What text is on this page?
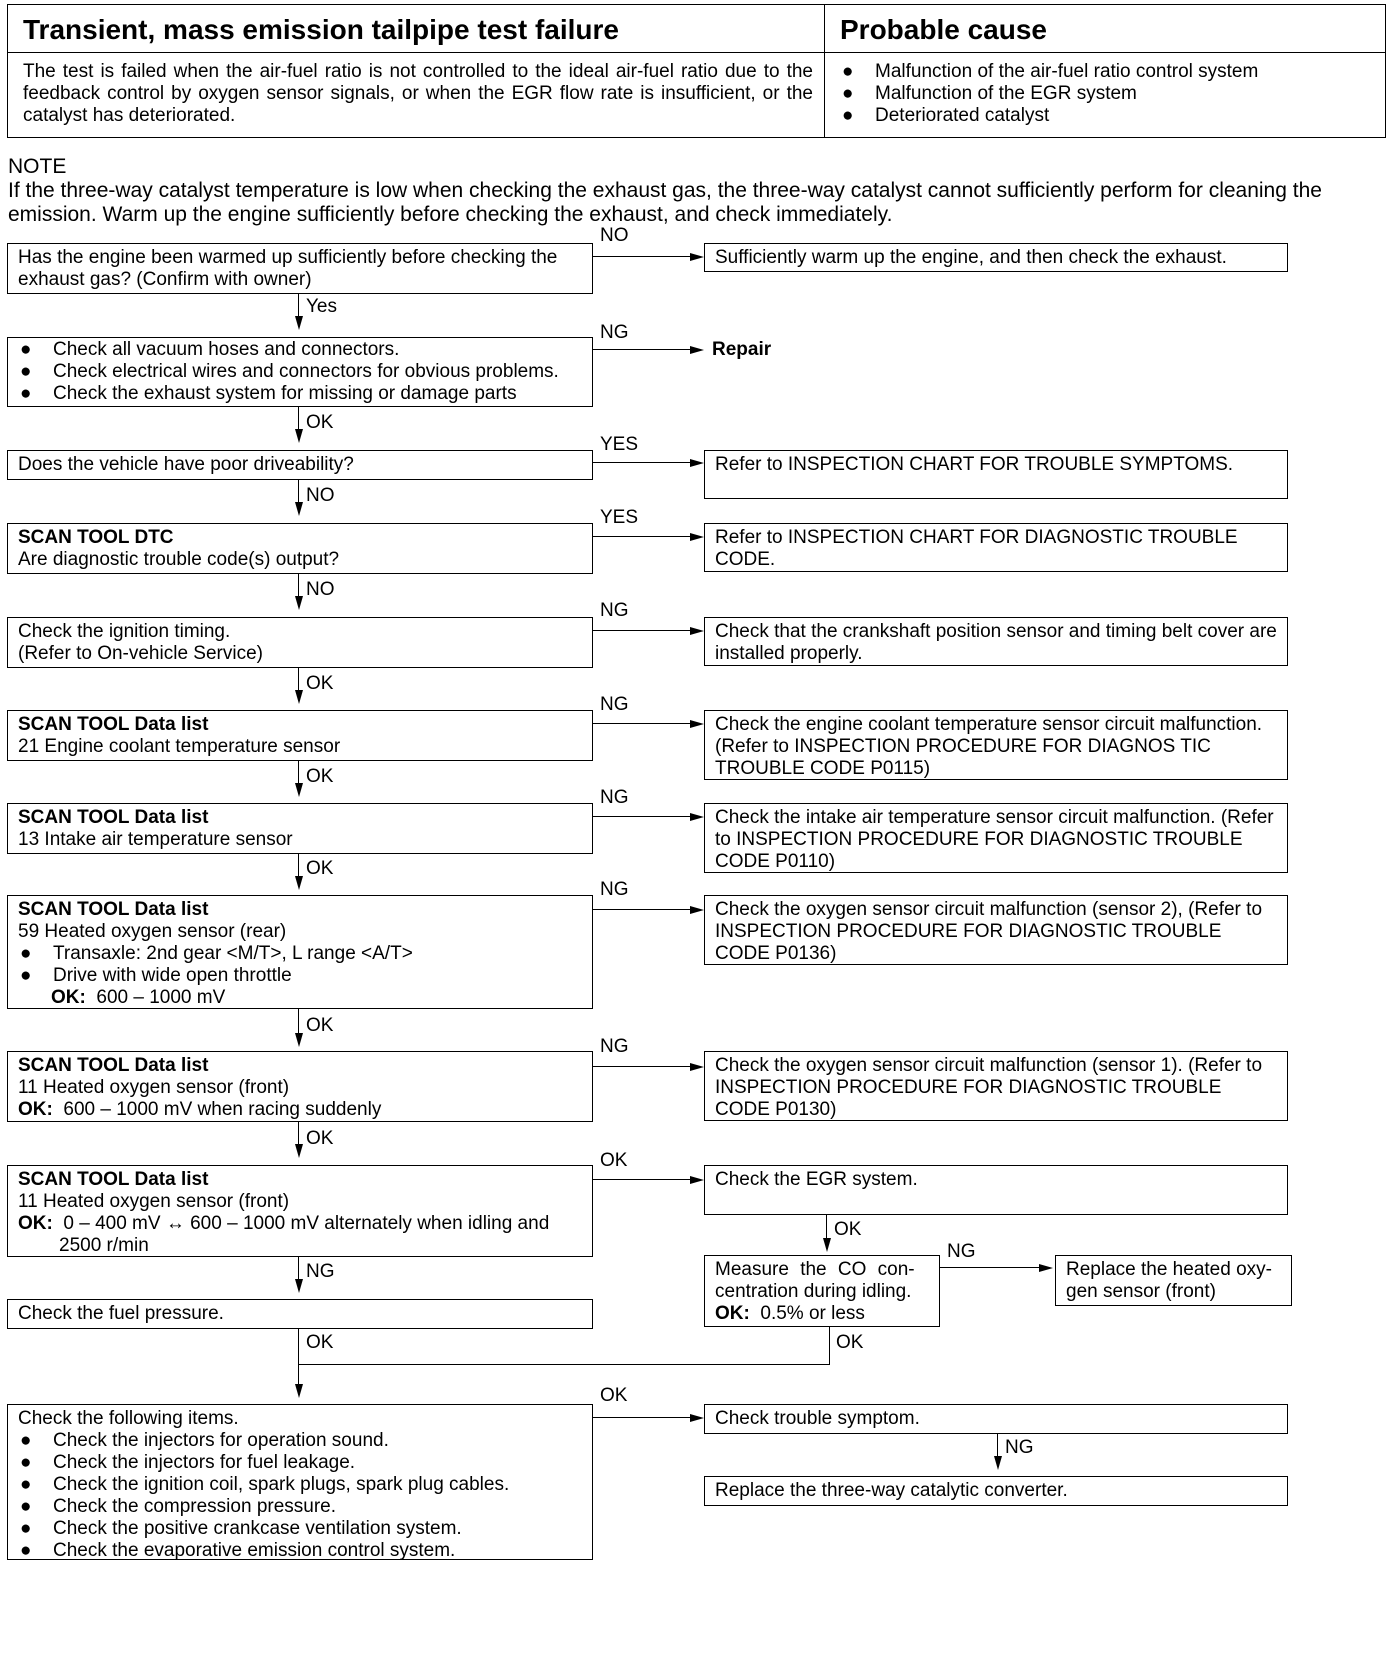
Transient, mass emission tailpipe test failure	Probable cause
The test is failed when the air-fuel ratio is not controlled to the ideal air-fuel ratio due to the feedback control by oxygen sensor signals, or when the EGR flow rate is insufficient, or the catalyst has deteriorated.
●	Malfunction of the air-fuel ratio control system
●	Malfunction of the EGR system
●	Deteriorated catalyst
NOTE
If the three-way catalyst temperature is low when checking the exhaust gas, the three-way catalyst cannot sufficiently perform for cleaning the emission. Warm up the engine sufficiently before checking the exhaust, and check immediately.
Has the engine been warmed up sufficiently before checking the exhaust gas? (Confirm with owner)
NO
Sufficiently warm up the engine, and then check the exhaust.
Yes
●	Check all vacuum hoses and connectors.
●	Check electrical wires and connectors for obvious problems.
●	Check the exhaust system for missing or damage parts
NG
Repair
OK
Does the vehicle have poor driveability?
YES
Refer to INSPECTION CHART FOR TROUBLE SYMPTOMS.
NO
SCAN TOOL DTC
Are diagnostic trouble code(s) output?
YES
Refer to INSPECTION CHART FOR DIAGNOSTIC TROUBLE CODE.
NO
Check the ignition timing.
(Refer to On-vehicle Service)
NG
Check that the crankshaft position sensor and timing belt cover are installed properly.
OK
SCAN TOOL Data list
21 Engine coolant temperature sensor
NG
Check the engine coolant temperature sensor circuit malfunction. (Refer to INSPECTION PROCEDURE FOR DIAGNOS TIC TROUBLE CODE P0115)
OK
SCAN TOOL Data list
13 Intake air temperature sensor
NG
Check the intake air temperature sensor circuit malfunction. (Refer to INSPECTION PROCEDURE FOR DIAGNOSTIC TROUBLE CODE P0110)
OK
SCAN TOOL Data list
59 Heated oxygen sensor (rear)
●	Transaxle: 2nd gear <M/T>, L range <A/T>
●	Drive with wide open throttle
OK: 600 – 1000 mV
NG
Check the oxygen sensor circuit malfunction (sensor 2), (Refer to INSPECTION PROCEDURE FOR DIAGNOSTIC TROUBLE CODE P0136)
OK
SCAN TOOL Data list
11 Heated oxygen sensor (front)
OK: 600 – 1000 mV when racing suddenly
NG
Check the oxygen sensor circuit malfunction (sensor 1). (Refer to INSPECTION PROCEDURE FOR DIAGNOSTIC TROUBLE CODE P0130)
OK
SCAN TOOL Data list
11 Heated oxygen sensor (front)
OK: 0 – 400 mV ↔ 600 – 1000 mV alternately when idling and
2500 r/min
OK
NG
Check the EGR system.
OK
Measure the CO con-
centration during idling.
OK: 0.5% or less
NG
Replace the heated oxy-gen sensor (front)
OK
Check the fuel pressure.
OK
Check the following items.
●	Check the injectors for operation sound.
●	Check the injectors for fuel leakage.
●	Check the ignition coil, spark plugs, spark plug cables.
●	Check the compression pressure.
●	Check the positive crankcase ventilation system.
●	Check the evaporative emission control system.
OK
Check trouble symptom.
NG
Replace the three-way catalytic converter.
